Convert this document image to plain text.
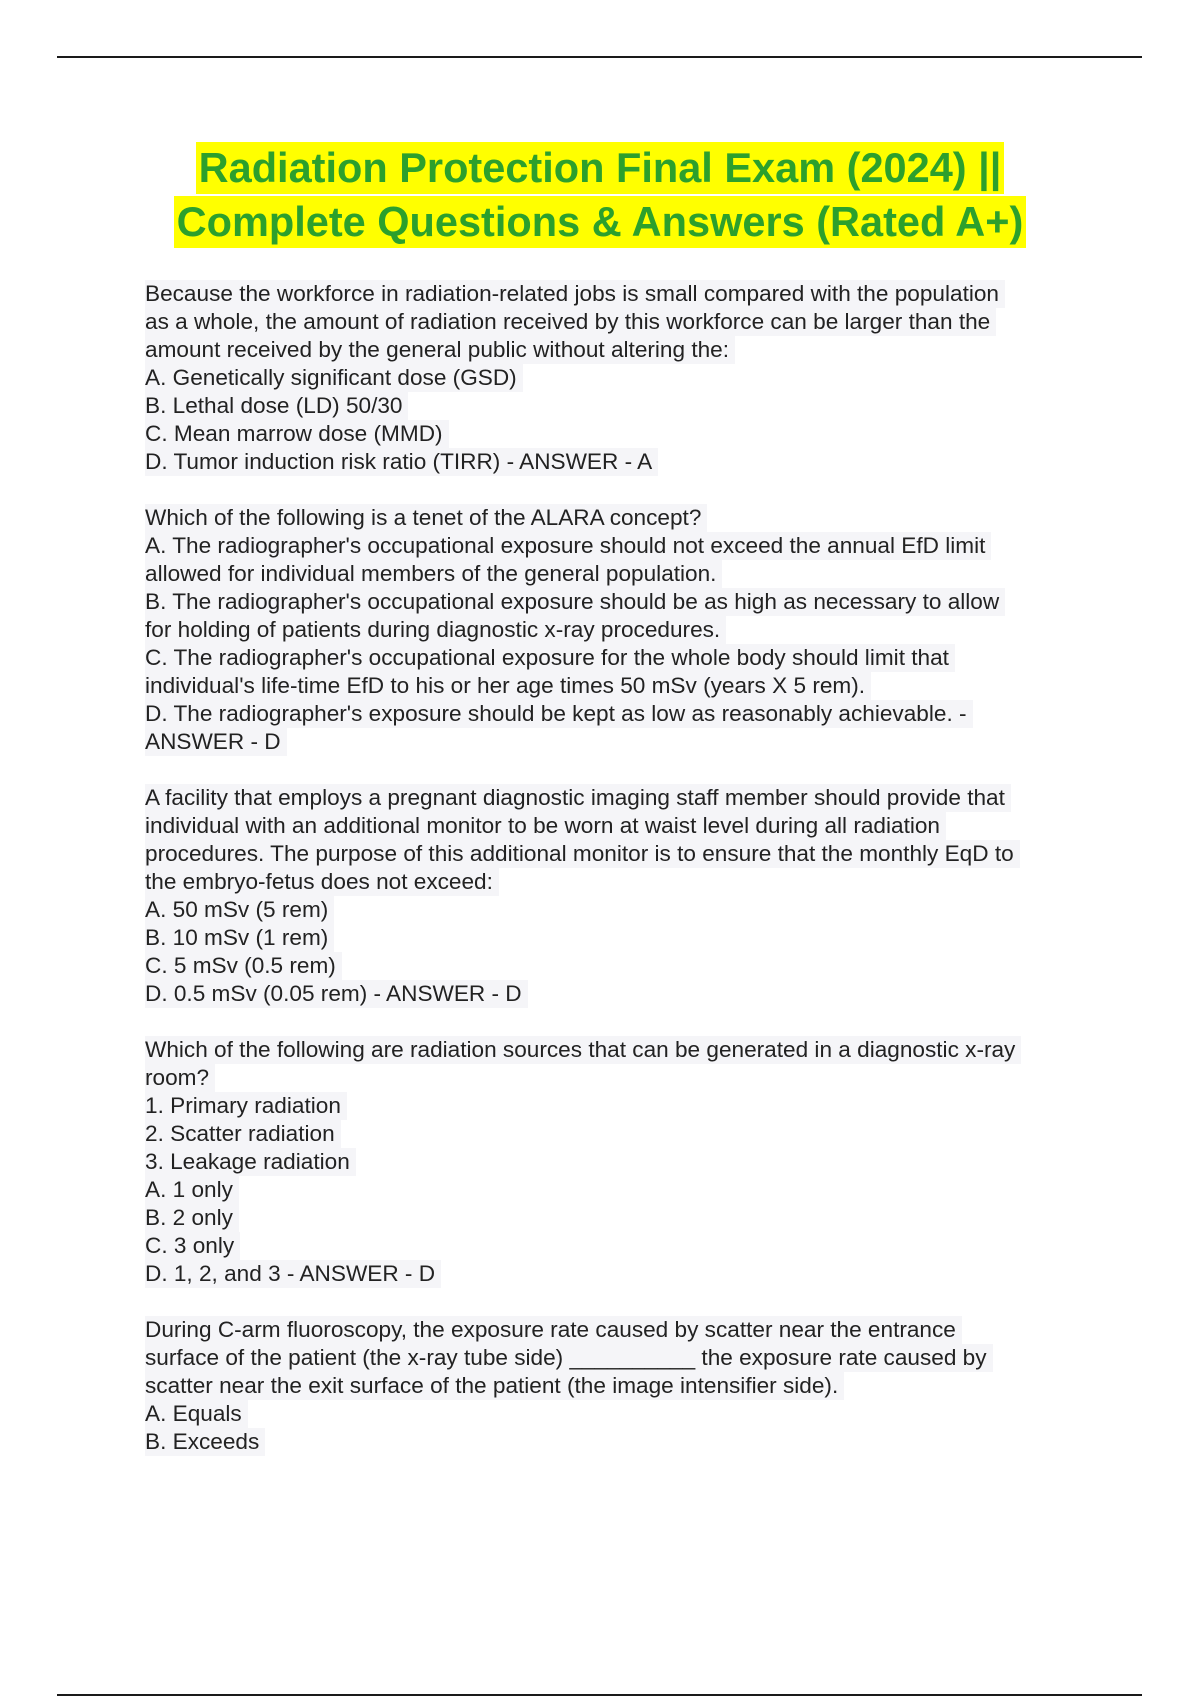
Radiation Protection Final Exam (2024) ||
Complete Questions & Answers (Rated A+)
Because the workforce in radiation-related jobs is small compared with the population
as a whole, the amount of radiation received by this workforce can be larger than the
amount received by the general public without altering the:
A. Genetically significant dose (GSD)
B. Lethal dose (LD) 50/30
C. Mean marrow dose (MMD)
D. Tumor induction risk ratio (TIRR) - ANSWER - A
Which of the following is a tenet of the ALARA concept?
A. The radiographer's occupational exposure should not exceed the annual EfD limit
allowed for individual members of the general population.
B. The radiographer's occupational exposure should be as high as necessary to allow
for holding of patients during diagnostic x-ray procedures.
C. The radiographer's occupational exposure for the whole body should limit that
individual's life-time EfD to his or her age times 50 mSv (years X 5 rem).
D. The radiographer's exposure should be kept as low as reasonably achievable. -
ANSWER - D
A facility that employs a pregnant diagnostic imaging staff member should provide that
individual with an additional monitor to be worn at waist level during all radiation
procedures. The purpose of this additional monitor is to ensure that the monthly EqD to
the embryo-fetus does not exceed:
A. 50 mSv (5 rem)
B. 10 mSv (1 rem)
C. 5 mSv (0.5 rem)
D. 0.5 mSv (0.05 rem) - ANSWER - D
Which of the following are radiation sources that can be generated in a diagnostic x-ray
room?
1. Primary radiation
2. Scatter radiation
3. Leakage radiation
A. 1 only
B. 2 only
C. 3 only
D. 1, 2, and 3 - ANSWER - D
During C-arm fluoroscopy, the exposure rate caused by scatter near the entrance
surface of the patient (the x-ray tube side) __________ the exposure rate caused by
scatter near the exit surface of the patient (the image intensifier side).
A. Equals
B. Exceeds
